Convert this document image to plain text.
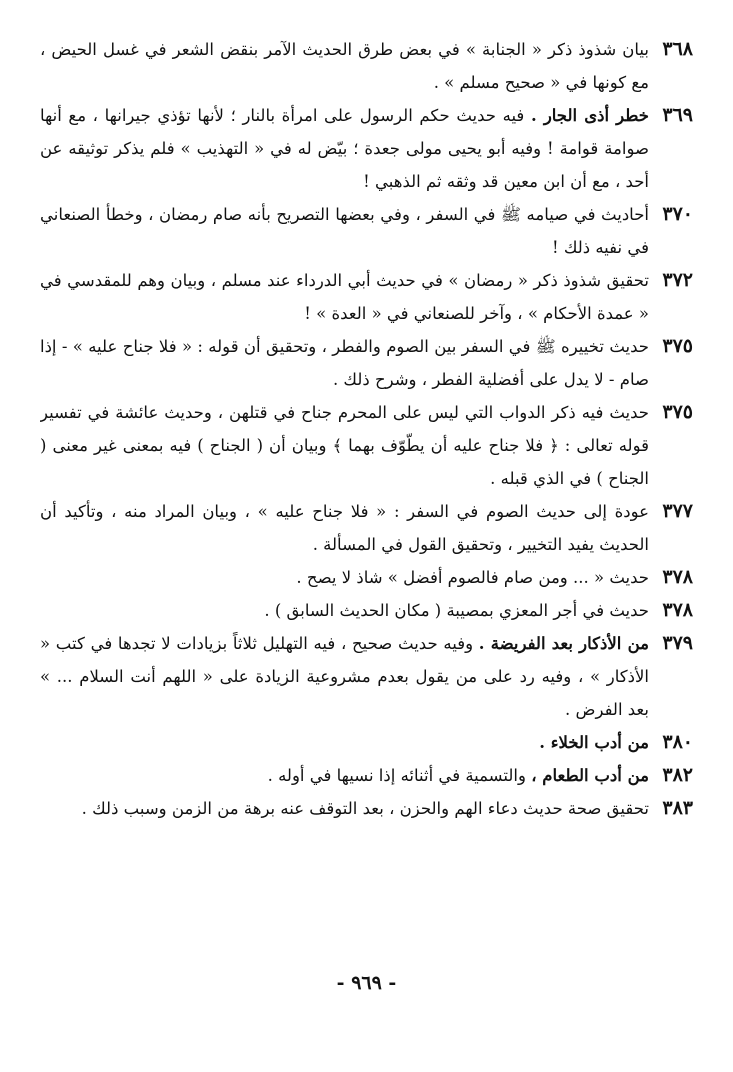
٣٦٨
بيان شذوذ ذكر « الجنابة » في بعض طرق الحديث الآمر بنقض الشعر في غسل الحيض ، مع كونها في « صحيح مسلم » .
٣٦٩
خطر أذى الجار . فيه حديث حكم الرسول على امرأة بالنار ؛ لأنها تؤذي جيرانها ، مع أنها صوامة قوامة ! وفيه أبو يحيى مولى جعدة ؛ بيّض له في « التهذيب » فلم يذكر توثيقه عن أحد ، مع أن ابن معين قد وثقه ثم الذهبي !
٣٧٠
أحاديث في صيامه ﷺ في السفر ، وفي بعضها التصريح بأنه صام رمضان ، وخطأ الصنعاني في نفيه ذلك !
٣٧٢
تحقيق شذوذ ذكر « رمضان » في حديث أبي الدرداء عند مسلم ، وبيان وهم للمقدسي في « عمدة الأحكام » ، وآخر للصنعاني في « العدة » !
٣٧٥
حديث تخييره ﷺ في السفر بين الصوم والفطر ، وتحقيق أن قوله : « فلا جناح عليه » - إذا صام - لا يدل على أفضلية الفطر ، وشرح ذلك .
٣٧٥
حديث فيه ذكر الدواب التي ليس على المحرم جناح في قتلهن ، وحديث عائشة في تفسير قوله تعالى : ﴿ فلا جناح عليه أن يطّوّف بهما ﴾ وبيان أن ( الجناح ) فيه بمعنى غير معنى ( الجناح ) في الذي قبله .
٣٧٧
عودة إلى حديث الصوم في السفر : « فلا جناح عليه » ، وبيان المراد منه ، وتأكيد أن الحديث يفيد التخيير ، وتحقيق القول في المسألة .
٣٧٨
حديث « ... ومن صام فالصوم أفضل » شاذ لا يصح .
٣٧٨
حديث في أجر المعزي بمصيبة ( مكان الحديث السابق ) .
٣٧٩
من الأذكار بعد الفريضة . وفيه حديث صحيح ، فيه التهليل ثلاثاً بزيادات لا تجدها في كتب « الأذكار » ، وفيه رد على من يقول بعدم مشروعية الزيادة على « اللهم أنت السلام ... » بعد الفرض .
٣٨٠
من أدب الخلاء .
٣٨٢
من أدب الطعام ، والتسمية في أثنائه إذا نسيها في أوله .
٣٨٣
تحقيق صحة حديث دعاء الهم والحزن ، بعد التوقف عنه برهة من الزمن وسبب ذلك .
- ٩٦٩ -
